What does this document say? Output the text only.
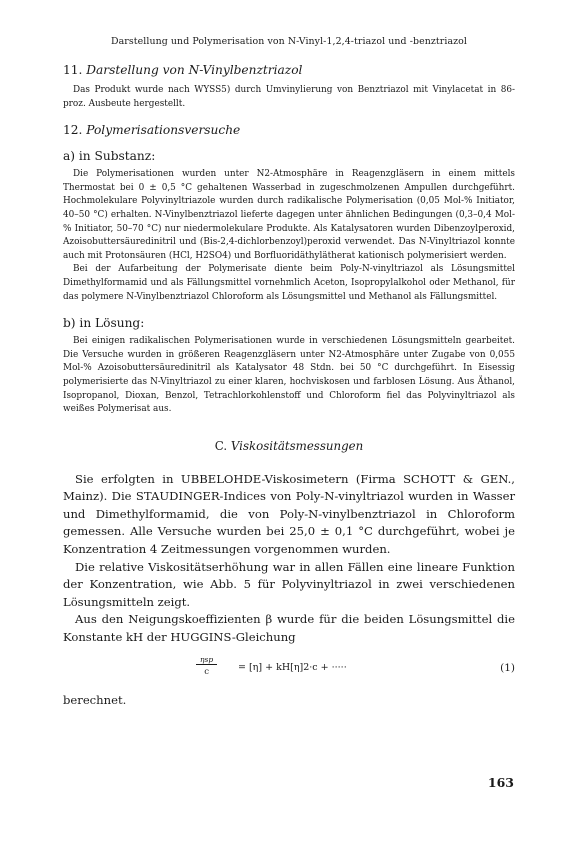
Darstellung und Polymerisation von N-Vinyl-1,2,4-triazol und -benztriazol
11. Darstellung von N-Vinylbenztriazol

Das Produkt wurde nach WYSS5) durch Umvinylierung von Benztriazol mit Vinylacetat in 86-proz. Ausbeute hergestellt.

12. Polymerisationsversuche
a) in Substanz:

Die Polymerisationen wurden unter N2-Atmosphäre in Reagenzgläsern in einem mittels Thermostat bei 0 ± 0,5 °C gehaltenen Wasserbad in zugeschmolzenen Ampullen durchgeführt. Hochmolekulare Polyvinyltriazole wurden durch radikalische Polymerisation (0,05 Mol-% Initiator, 40–50 °C) erhalten. N-Vinylbenztriazol lieferte dagegen unter ähnlichen Bedingungen (0,3–0,4 Mol-% Initiator, 50–70 °C) nur niedermolekulare Produkte. Als Katalysatoren wurden Dibenzoylperoxid, Azoisobuttersäuredinitril und (Bis-2,4-dichlorbenzoyl)peroxid verwendet. Das N-Vinyltriazol konnte auch mit Protonsäuren (HCl, H2SO4) und Borfluoridäthylätherat kationisch polymerisiert werden.

Bei der Aufarbeitung der Polymerisate diente beim Poly-N-vinyltriazol als Lösungsmittel Dimethylformamid und als Fällungsmittel vornehmlich Aceton, Isopropylalkohol oder Methanol, für das polymere N-Vinylbenztriazol Chloroform als Lösungsmittel und Methanol als Fällungsmittel.

b) in Lösung:

Bei einigen radikalischen Polymerisationen wurde in verschiedenen Lösungsmitteln gearbeitet. Die Versuche wurden in größeren Reagenzgläsern unter N2-Atmosphäre unter Zugabe von 0,055 Mol-% Azoisobuttersäuredinitril als Katalysator 48 Stdn. bei 50 °C durchgeführt. In Eisessig polymerisierte das N-Vinyltriazol zu einer klaren, hochviskosen und farblosen Lösung. Aus Äthanol, Isopropanol, Dioxan, Benzol, Tetrachlorkohlenstoff und Chloroform fiel das Polyvinyltriazol als weißes Polymerisat aus.

C. Viskositätsmessungen

Sie erfolgten in UBBELOHDE-Viskosimetern (Firma SCHOTT & GEN., Mainz). Die STAUDINGER-Indices von Poly-N-vinyltriazol wurden in Wasser und Dimethylformamid, die von Poly-N-vinylbenztriazol in Chloroform gemessen. Alle Versuche wurden bei 25,0 ± 0,1 °C durchgeführt, wobei je Konzentration 4 Zeitmessungen vorgenommen wurden.

Die relative Viskositätserhöhung war in allen Fällen eine lineare Funktion der Konzentration, wie Abb. 5 für Polyvinyltriazol in zwei verschiedenen Lösungsmitteln zeigt.

Aus den Neigungskoeffizienten β wurde für die beiden Lösungsmittel die Konstante kH der HUGGINS-Gleichung

ηsp
c	= [η] + kH[η]2·c + ·····	(1)

berechnet.

163
